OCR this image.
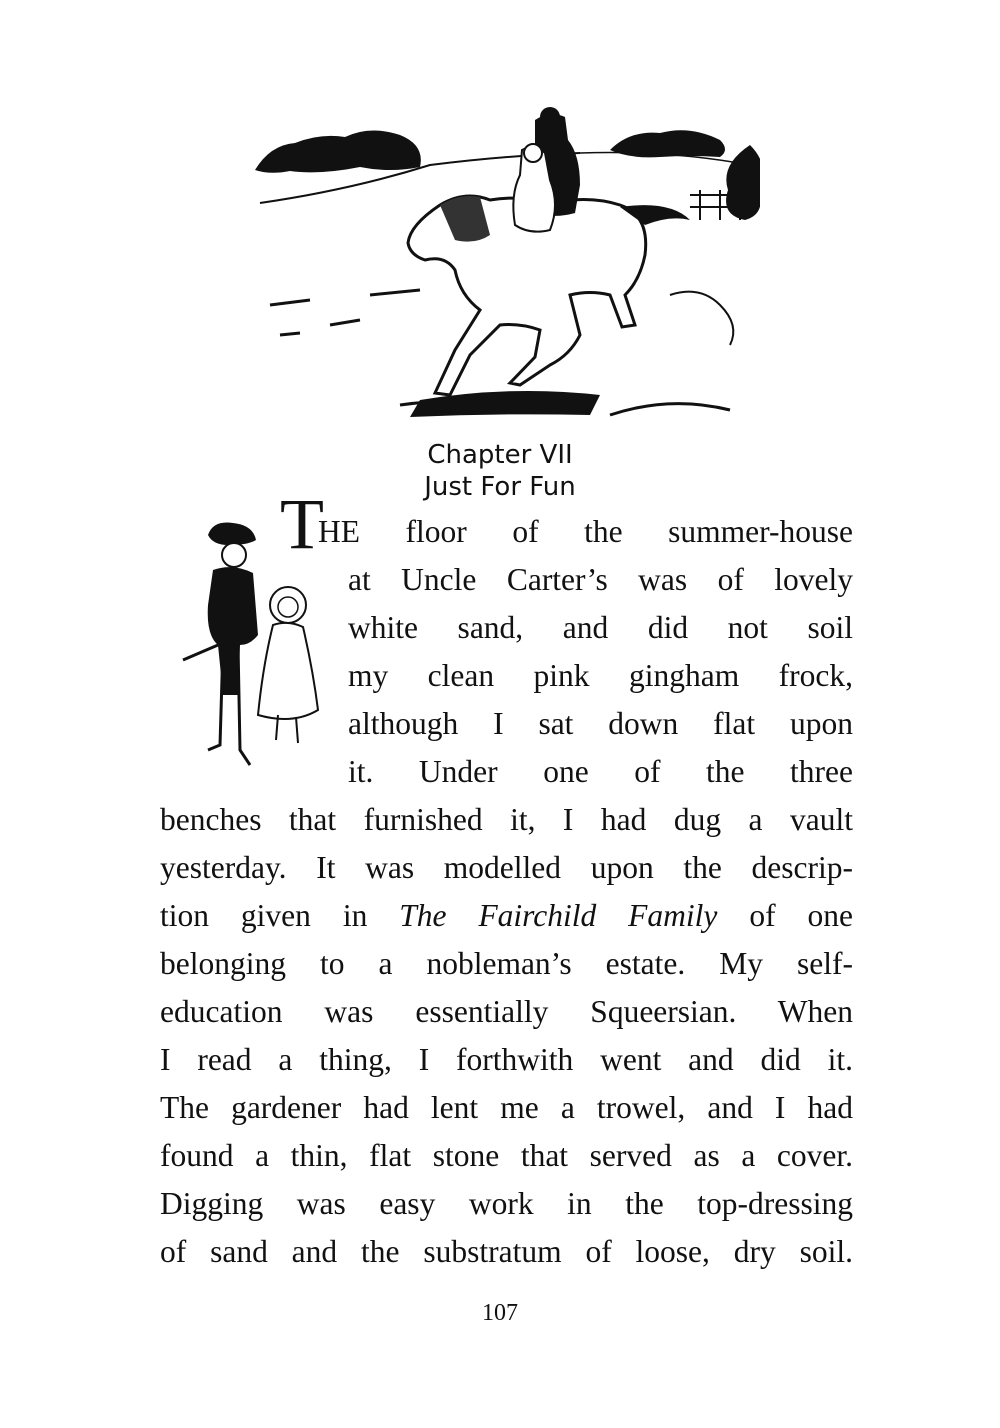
Chapter VII
Just For Fun
T
HE floor of the summer-house
at Uncle Carter’s was of lovely
white sand, and did not soil
my clean pink gingham frock,
although I sat down flat upon
it. Under one of the three
benches that furnished it, I had dug a vault
yesterday. It was modelled upon the descrip-
tion given in The Fairchild Family of one
belonging to a nobleman’s estate. My self-
education was essentially Squeersian. When
I read a thing, I forthwith went and did it.
The gardener had lent me a trowel, and I had
found a thin, flat stone that served as a cover.
Digging was easy work in the top-dressing
of sand and the substratum of loose, dry soil.
107
